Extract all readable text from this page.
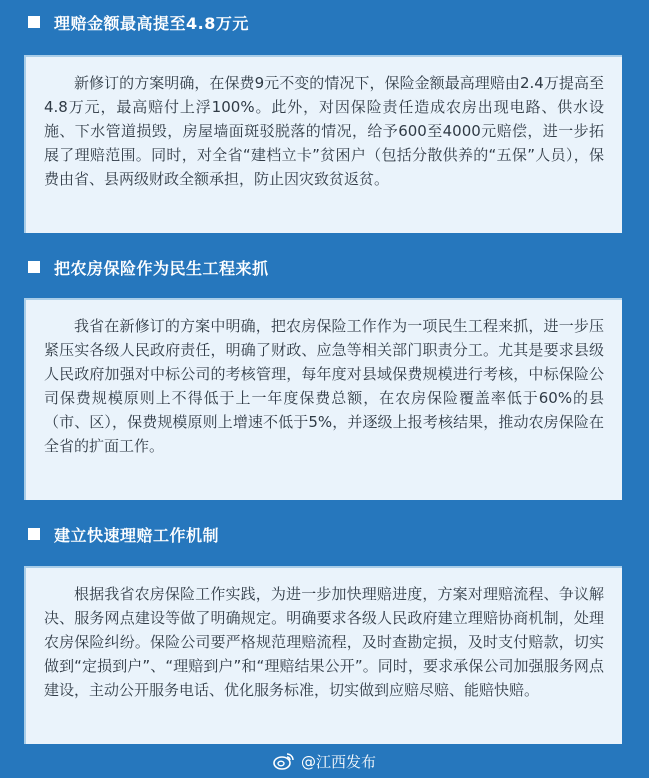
理赔金额最高提至4.8万元

新修订的方案明确，在保费9元不变的情况下，保险金额最高理赔由2.4万提高至4.8万元，最高赔付上浮100%。此外，对因保险责任造成农房出现电路、供水设施、下水管道损毁，房屋墙面斑驳脱落的情况，给予600至4000元赔偿，进一步拓展了理赔范围。同时，对全省“建档立卡”贫困户（包括分散供养的“五保”人员），保费由省、县两级财政全额承担，防止因灾致贫返贫。

把农房保险作为民生工程来抓

我省在新修订的方案中明确，把农房保险工作作为一项民生工程来抓，进一步压紧压实各级人民政府责任，明确了财政、应急等相关部门职责分工。尤其是要求县级人民政府加强对中标公司的考核管理，每年度对县域保费规模进行考核，中标保险公司保费规模原则上不得低于上一年度保费总额，在农房保险覆盖率低于60%的县（市、区），保费规模原则上增速不低于5%，并逐级上报考核结果，推动农房保险在全省的扩面工作。

建立快速理赔工作机制

根据我省农房保险工作实践，为进一步加快理赔进度，方案对理赔流程、争议解决、服务网点建设等做了明确规定。明确要求各级人民政府建立理赔协商机制，处理农房保险纠纷。保险公司要严格规范理赔流程，及时查勘定损，及时支付赔款，切实做到“定损到户”、“理赔到户”和“理赔结果公开”。同时，要求承保公司加强服务网点建设，主动公开服务电话、优化服务标准，切实做到应赔尽赔、能赔快赔。

@江西发布
